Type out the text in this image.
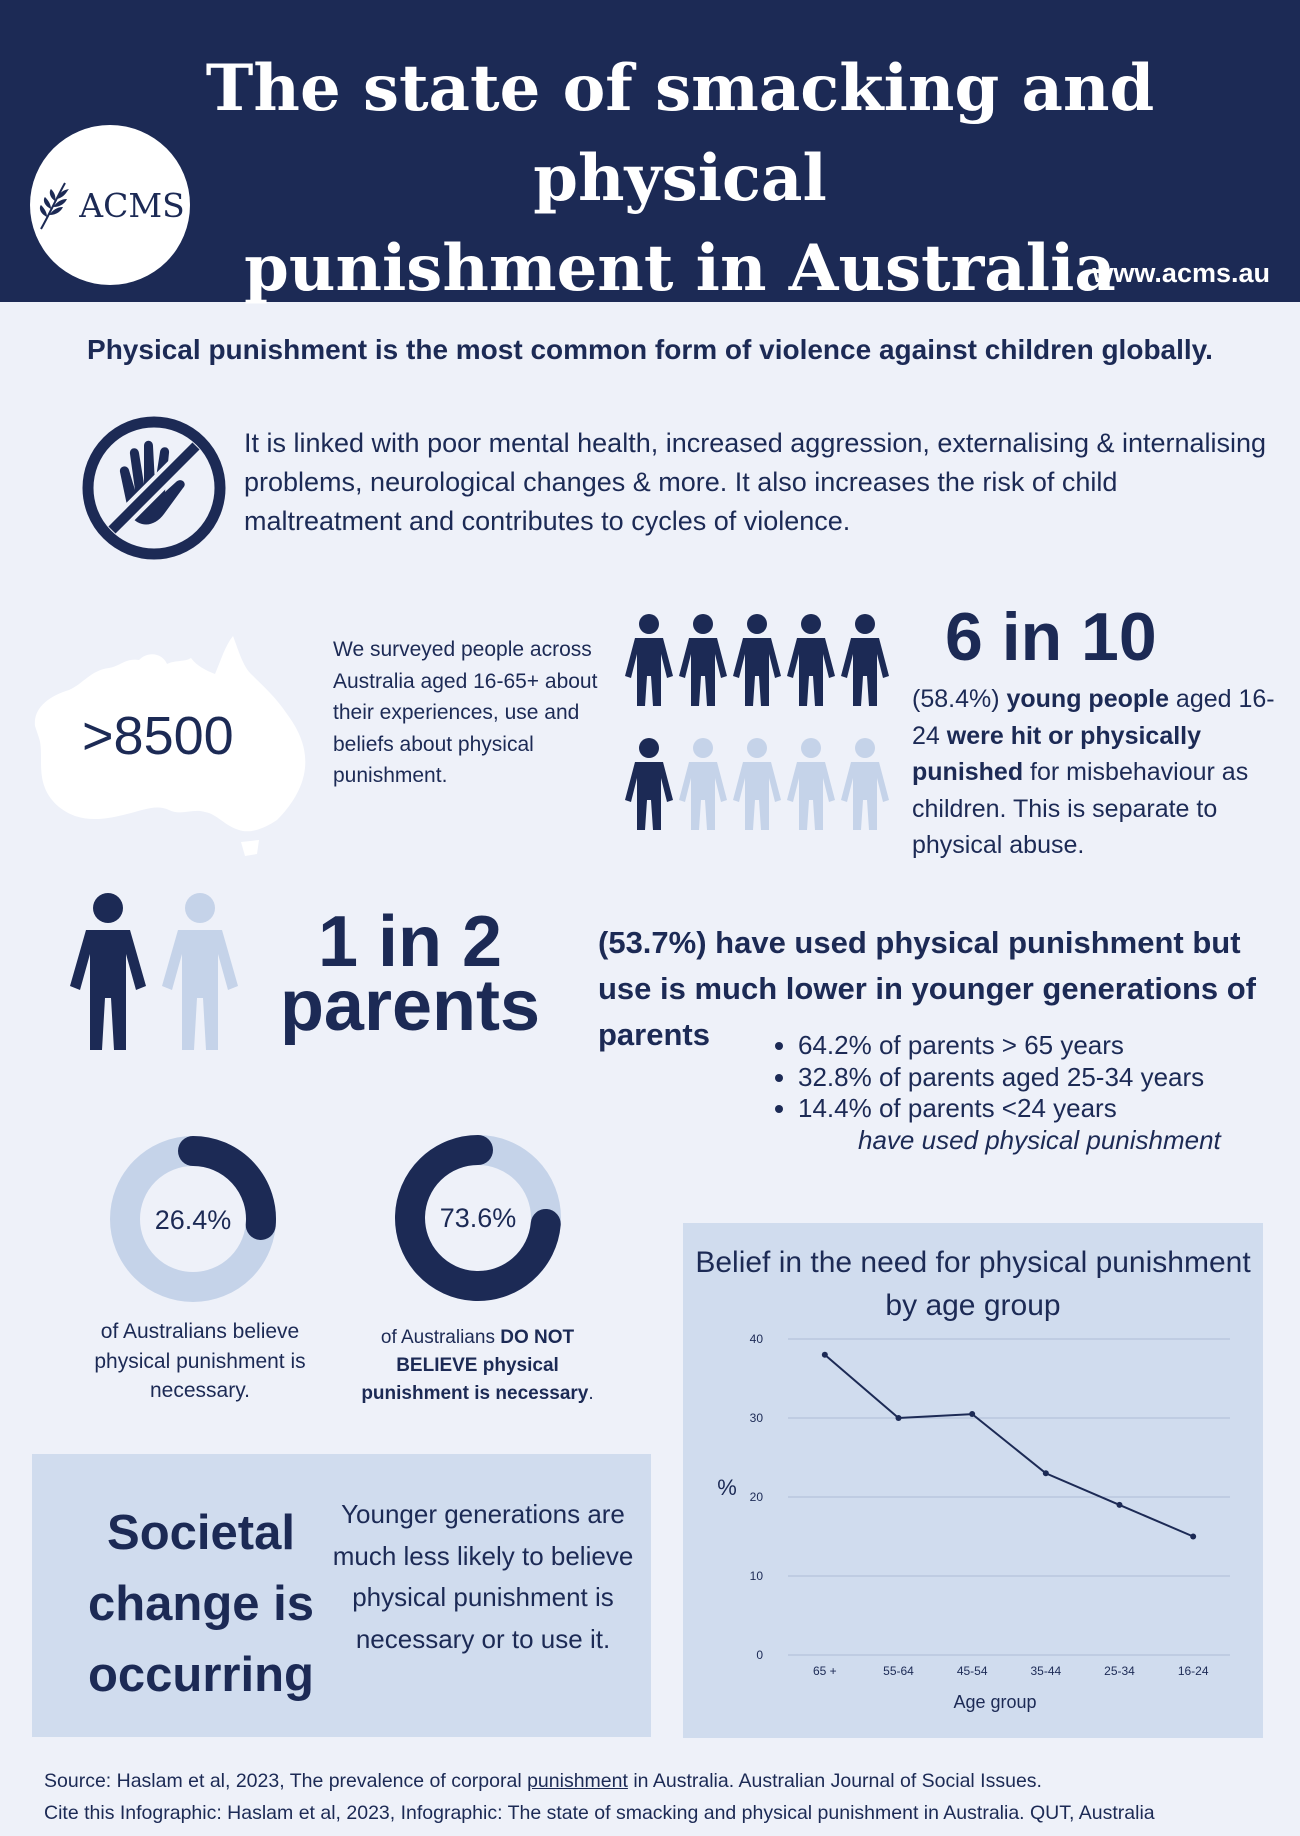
ACMS
The state of smacking and physical
punishment in Australia
www.acms.au
Physical punishment is the most common form of violence against children globally.
It is linked with poor mental health, increased aggression, externalising & internalising problems, neurological changes & more. It also increases the risk of child maltreatment and contributes to cycles of violence.
>8500
We surveyed people across Australia aged 16-65+ about their experiences, use and beliefs about physical punishment.
6 in 10
(58.4%) young people aged 16-24 were hit or physically punished for misbehaviour as children. This is separate to physical abuse.
1 in 2
parents
(53.7%) have used physical punishment but use is much lower in younger generations of parents
•	64.2% of parents > 65 years
• 32.8% of parents aged 25-34 years
• 14.4% of parents <24 years
have used physical punishment
26.4%
of Australians believe physical punishment is necessary.
73.6%
of Australians DO NOT BELIEVE physical punishment is necessary.
Societal change is occurring
Younger generations are much less likely to believe physical punishment is necessary or to use it.
0
10
20
30
40
65 +	55-64	45-54	35-44	25-34	16-24
Age group
%
Belief in the need for physical punishment by age group
Source: Haslam et al, 2023, The prevalence of corporal punishment in Australia. Australian Journal of Social Issues.
Cite this Infographic: Haslam et al, 2023, Infographic: The state of smacking and physical punishment in Australia. QUT, Australia
